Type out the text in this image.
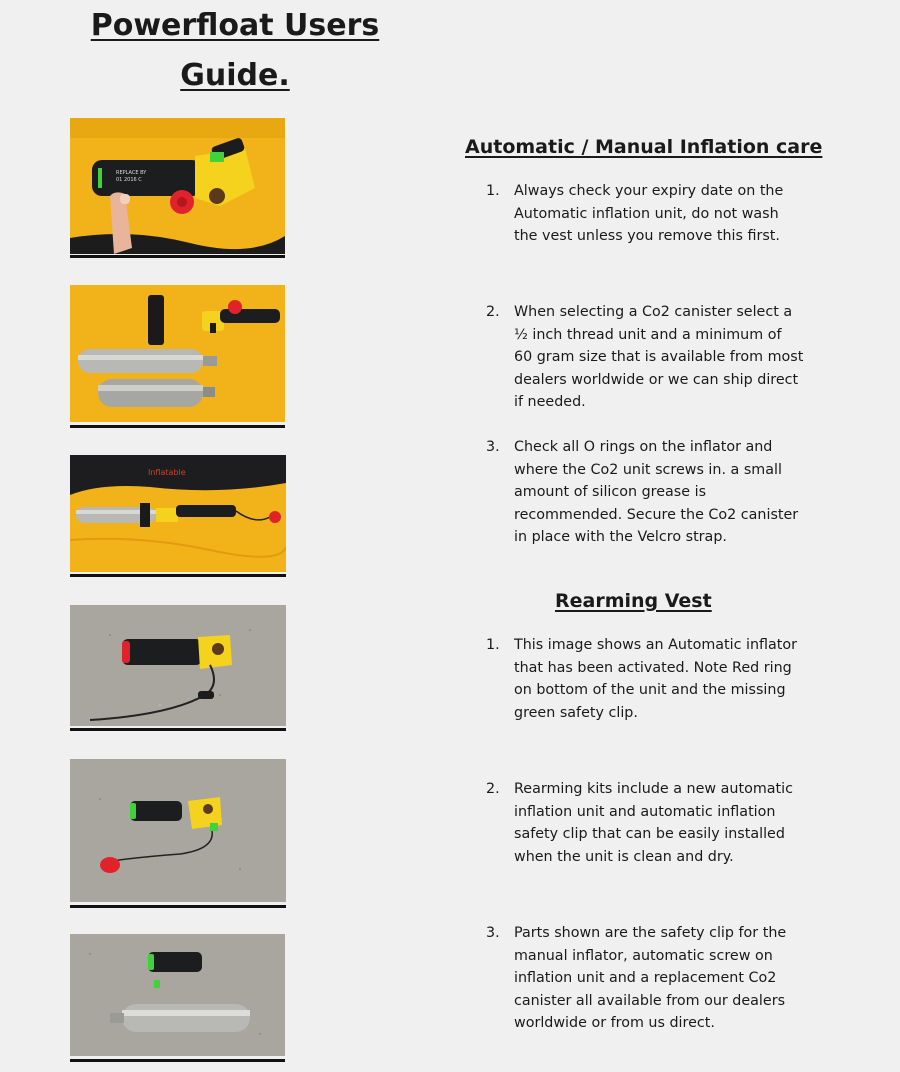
Powerfloat Users
Guide.
Automatic / Manual Inflation care
Rearming Vest
1. Always check your expiry date on the Automatic inflation unit, do not wash the vest unless you remove this first.
2. When selecting a Co2 canister select a ½ inch thread unit and a minimum of 60 gram size that is available from most dealers worldwide or we can ship direct if needed.
3. Check all O rings on the inflator and where the Co2 unit screws in. a small amount of silicon grease is recommended. Secure the Co2 canister in place with the Velcro strap.
1. This image shows an Automatic inflator that has been activated. Note Red ring on bottom of the unit and the missing green safety clip.
2. Rearming kits include a new automatic inflation unit and automatic inflation safety clip that can be easily installed when the unit is clean and dry.
3. Parts shown are the safety clip for the manual inflator, automatic screw on inflation unit and a replacement Co2 canister all available from our dealers worldwide or from us direct.
REPLACE BY
01 2016 C
Inflatable
